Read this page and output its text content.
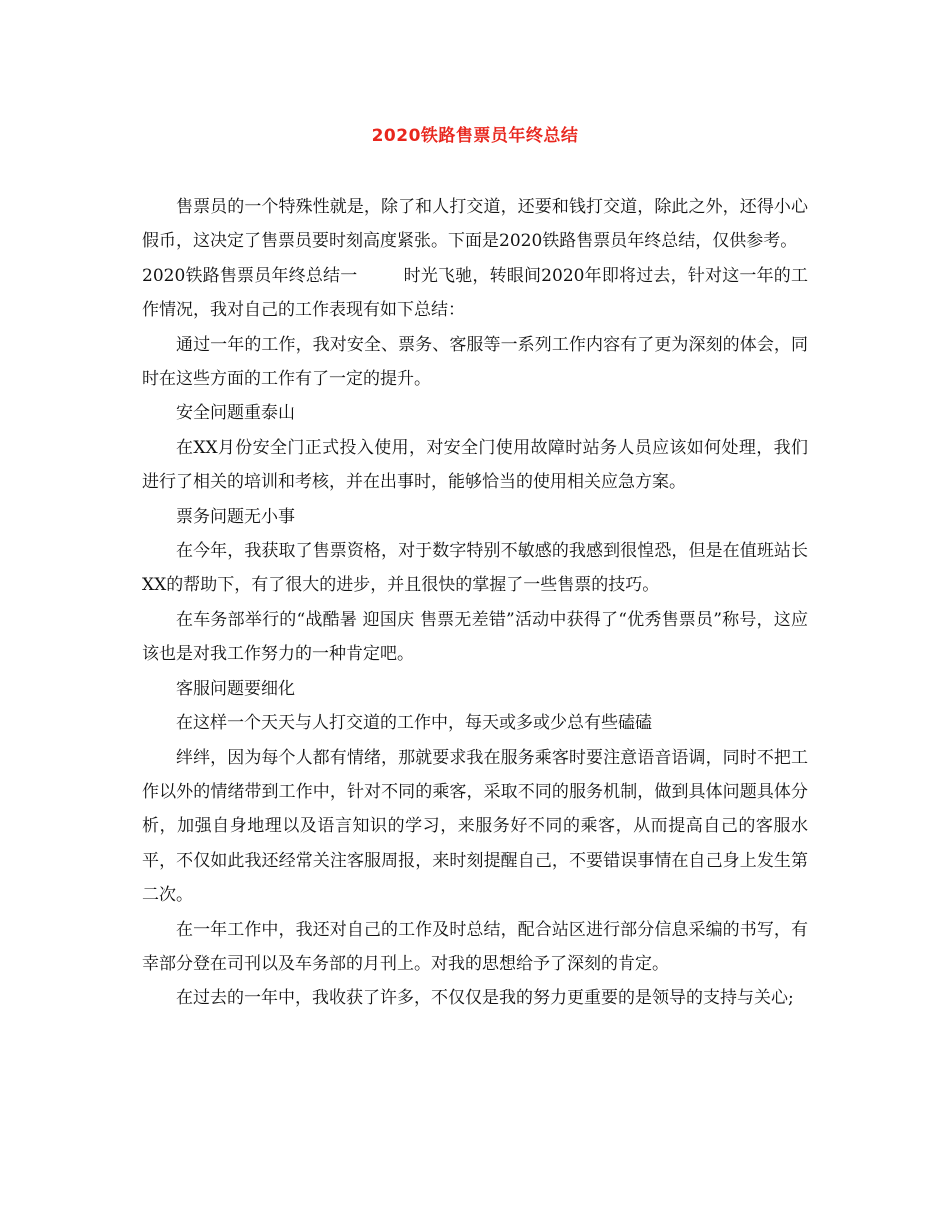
2020铁路售票员年终总结

售票员的一个特殊性就是，除了和人打交道，还要和钱打交道，除此之外，还得小心假币，这决定了售票员要时刻高度紧张。下面是2020铁路售票员年终总结，仅供参考。

2020铁路售票员年终总结一	时光飞驰，转眼间2020年即将过去，针对这一年的工作情况，我对自己的工作表现有如下总结：

通过一年的工作，我对安全、票务、客服等一系列工作内容有了更为深刻的体会，同时在这些方面的工作有了一定的提升。

安全问题重泰山

在XX月份安全门正式投入使用，对安全门使用故障时站务人员应该如何处理，我们进行了相关的培训和考核，并在出事时，能够恰当的使用相关应急方案。

票务问题无小事

在今年，我获取了售票资格，对于数字特别不敏感的我感到很惶恐，但是在值班站长XX的帮助下，有了很大的进步，并且很快的掌握了一些售票的技巧。

在车务部举行的“战酷暑 迎国庆 售票无差错”活动中获得了“优秀售票员”称号，这应该也是对我工作努力的一种肯定吧。

客服问题要细化

在这样一个天天与人打交道的工作中，每天或多或少总有些磕磕

绊绊，因为每个人都有情绪，那就要求我在服务乘客时要注意语音语调，同时不把工作以外的情绪带到工作中，针对不同的乘客，采取不同的服务机制，做到具体问题具体分析，加强自身地理以及语言知识的学习，来服务好不同的乘客，从而提高自己的客服水平，不仅如此我还经常关注客服周报，来时刻提醒自己，不要错误事情在自己身上发生第二次。

在一年工作中，我还对自己的工作及时总结，配合站区进行部分信息采编的书写，有幸部分登在司刊以及车务部的月刊上。对我的思想给予了深刻的肯定。

在过去的一年中，我收获了许多，不仅仅是我的努力更重要的是领导的支持与关心;
